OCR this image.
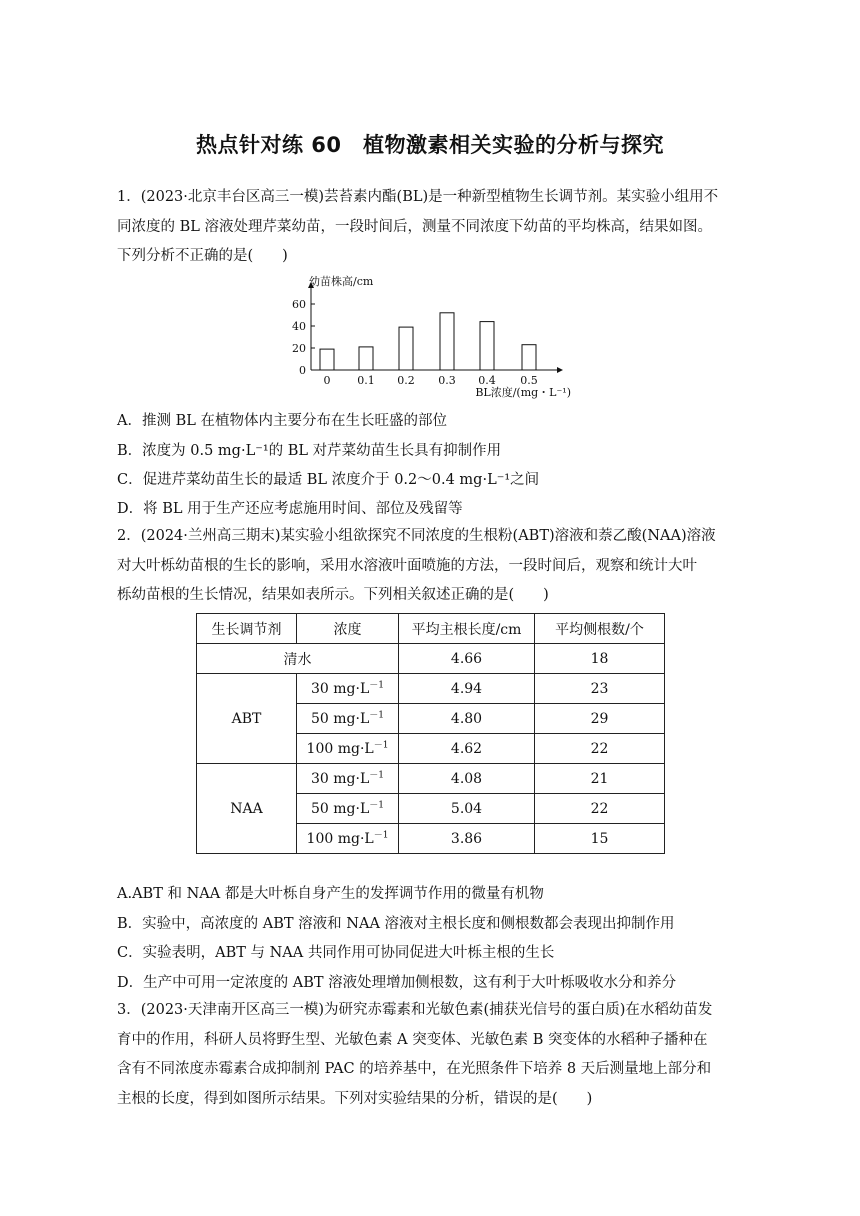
热点针对练 60　植物激素相关实验的分析与探究
1．(2023·北京丰台区高三一模)芸苔素内酯(BL)是一种新型植物生长调节剂。某实验小组用不
同浓度的 BL 溶液处理芹菜幼苗，一段时间后，测量不同浓度下幼苗的平均株高，结果如图。
下列分析不正确的是(　　)
0
20
40
60
0 0.1 0.2 0.3 0.4 0.5
幼苗株高/cm
BL浓度/(mg・L⁻¹)
A．推测 BL 在植物体内主要分布在生长旺盛的部位
B．浓度为 0.5 mg·L⁻¹的 BL 对芹菜幼苗生长具有抑制作用
C．促进芹菜幼苗生长的最适 BL 浓度介于 0.2～0.4 mg·L⁻¹之间
D．将 BL 用于生产还应考虑施用时间、部位及残留等
2．(2024·兰州高三期末)某实验小组欲探究不同浓度的生根粉(ABT)溶液和萘乙酸(NAA)溶液
对大叶栎幼苗根的生长的影响，采用水溶液叶面喷施的方法，一段时间后，观察和统计大叶
栎幼苗根的生长情况，结果如表所示。下列相关叙述正确的是(　　)
生长调节剂	浓度	平均主根长度/cm	平均侧根数/个
清水		4.66	18
ABT	30 $mg\cdot L^{-1}$	4.94	23
	50 $mg\cdot L^{-1}$	4.80	29
	100 $mg\cdot L^{-1}$	4.62	22
NAA	30 $mg\cdot L^{-1}$	4.08	21
	50 $mg\cdot L^{-1}$	5.04	22
	100 $mg\cdot L^{-1}$	3.86	15
A.ABT 和 NAA 都是大叶栎自身产生的发挥调节作用的微量有机物
B．实验中，高浓度的 ABT 溶液和 NAA 溶液对主根长度和侧根数都会表现出抑制作用
C．实验表明，ABT 与 NAA 共同作用可协同促进大叶栎主根的生长
D．生产中可用一定浓度的 ABT 溶液处理增加侧根数，这有利于大叶栎吸收水分和养分
3．(2023·天津南开区高三一模)为研究赤霉素和光敏色素(捕获光信号的蛋白质)在水稻幼苗发
育中的作用，科研人员将野生型、光敏色素 A 突变体、光敏色素 B 突变体的水稻种子播种在
含有不同浓度赤霉素合成抑制剂 PAC 的培养基中，在光照条件下培养 8 天后测量地上部分和
主根的长度，得到如图所示结果。下列对实验结果的分析，错误的是(　　)
